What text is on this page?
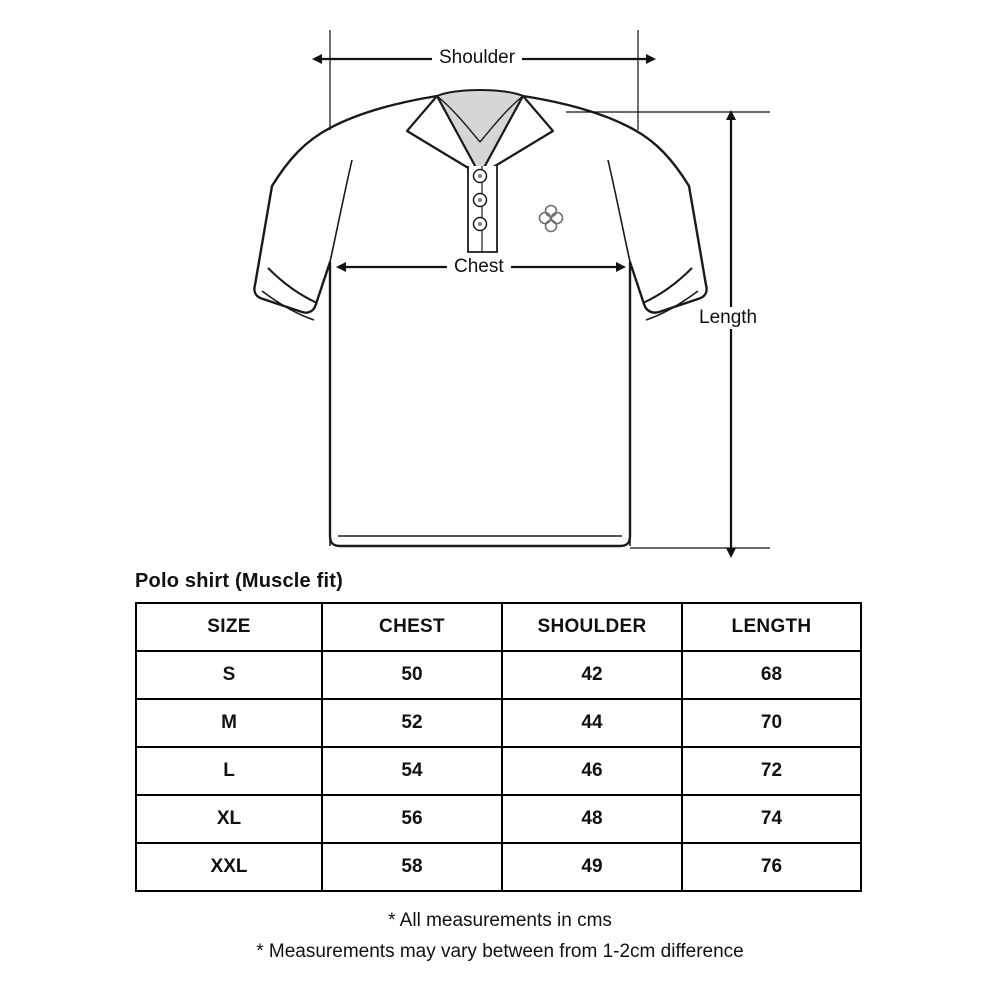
Shoulder
Chest
Length
Polo shirt (Muscle fit)
SIZE	CHEST	SHOULDER	LENGTH
S	50	42	68
M	52	44	70
L	54	46	72
XL	56	48	74
XXL	58	49	76
* All measurements in cms
* Measurements may vary between from 1-2cm difference
